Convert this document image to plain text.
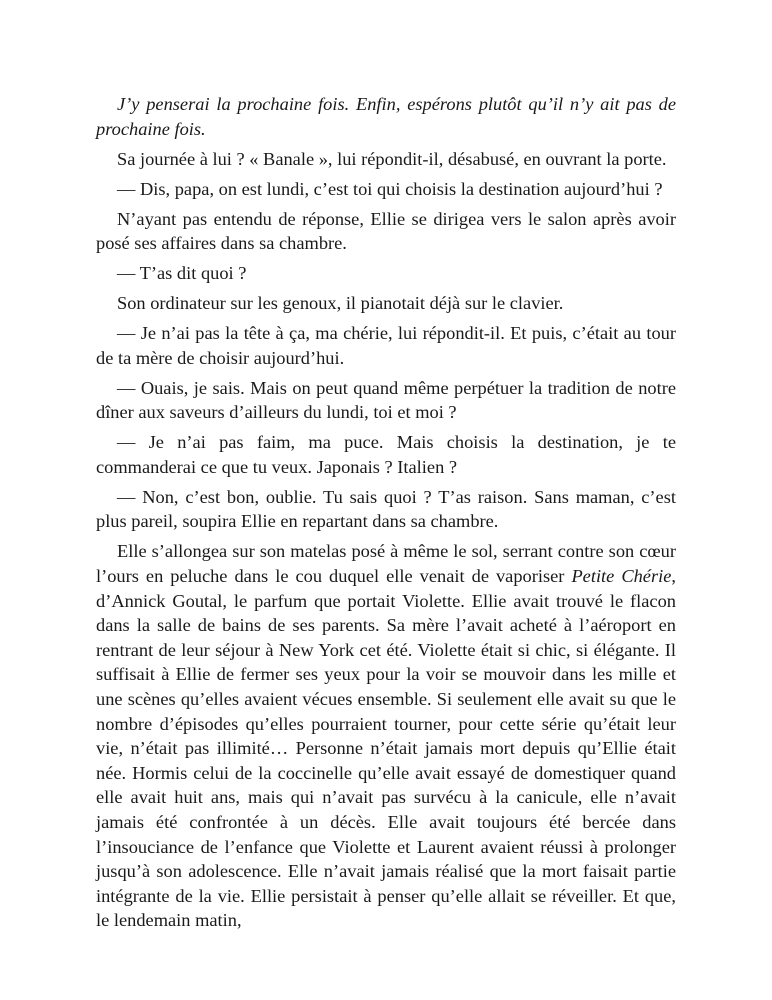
J’y penserai la prochaine fois. Enfin, espérons plutôt qu’il n’y ait pas de prochaine fois.

Sa journée à lui ? « Banale », lui répondit-il, désabusé, en ouvrant la porte.

— Dis, papa, on est lundi, c’est toi qui choisis la destination aujourd’hui ?

N’ayant pas entendu de réponse, Ellie se dirigea vers le salon après avoir posé ses affaires dans sa chambre.

— T’as dit quoi ?

Son ordinateur sur les genoux, il pianotait déjà sur le clavier.

— Je n’ai pas la tête à ça, ma chérie, lui répondit-il. Et puis, c’était au tour de ta mère de choisir aujourd’hui.

— Ouais, je sais. Mais on peut quand même perpétuer la tradition de notre dîner aux saveurs d’ailleurs du lundi, toi et moi ?

— Je n’ai pas faim, ma puce. Mais choisis la destination, je te commanderai ce que tu veux. Japonais ? Italien ?

— Non, c’est bon, oublie. Tu sais quoi ? T’as raison. Sans maman, c’est plus pareil, soupira Ellie en repartant dans sa chambre.

Elle s’allongea sur son matelas posé à même le sol, serrant contre son cœur l’ours en peluche dans le cou duquel elle venait de vaporiser Petite Chérie, d’Annick Goutal, le parfum que portait Violette. Ellie avait trouvé le flacon dans la salle de bains de ses parents. Sa mère l’avait acheté à l’aéroport en rentrant de leur séjour à New York cet été. Violette était si chic, si élégante. Il suffisait à Ellie de fermer ses yeux pour la voir se mouvoir dans les mille et une scènes qu’elles avaient vécues ensemble. Si seulement elle avait su que le nombre d’épisodes qu’elles pourraient tourner, pour cette série qu’était leur vie, n’était pas illimité… Personne n’était jamais mort depuis qu’Ellie était née. Hormis celui de la coccinelle qu’elle avait essayé de domestiquer quand elle avait huit ans, mais qui n’avait pas survécu à la canicule, elle n’avait jamais été confrontée à un décès. Elle avait toujours été bercée dans l’insouciance de l’enfance que Violette et Laurent avaient réussi à prolonger jusqu’à son adolescence. Elle n’avait jamais réalisé que la mort faisait partie intégrante de la vie. Ellie persistait à penser qu’elle allait se réveiller. Et que, le lendemain matin,
